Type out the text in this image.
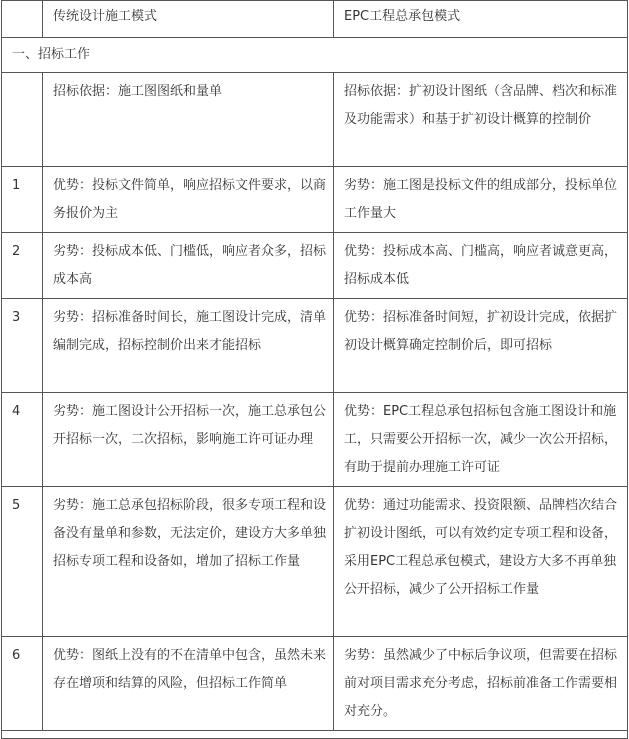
	传统设计施工模式	EPC工程总承包模式
一、招标工作		
	招标依据：施工图图纸和量单	招标依据：扩初设计图纸（含品牌、档次和标准及功能需求）和基于扩初设计概算的控制价
1	优势：投标文件简单，响应招标文件要求，以商务报价为主	劣势：施工图是投标文件的组成部分，投标单位工作量大
2	劣势：投标成本低、门槛低，响应者众多，招标成本高	优势：投标成本高、门槛高，响应者诚意更高，招标成本低
3	劣势：招标准备时间长，施工图设计完成，清单编制完成，招标控制价出来才能招标	优势：招标准备时间短，扩初设计完成，依据扩初设计概算确定控制价后，即可招标
4	劣势：施工图设计公开招标一次，施工总承包公开招标一次，二次招标，影响施工许可证办理	优势：EPC工程总承包招标包含施工图设计和施工，只需要公开招标一次，减少一次公开招标，有助于提前办理施工许可证
5	劣势：施工总承包招标阶段，很多专项工程和设备没有量单和参数，无法定价，建设方大多单独招标专项工程和设备如，增加了招标工作量	优势：通过功能需求、投资限额、品牌档次结合扩初设计图纸，可以有效约定专项工程和设备，采用EPC工程总承包模式，建设方大多不再单独公开招标，减少了公开招标工作量
6	优势：图纸上没有的不在清单中包含，虽然未来存在增项和结算的风险，但招标工作简单	劣势：虽然减少了中标后争议项，但需要在招标前对项目需求充分考虑，招标前准备工作需要相对充分。
